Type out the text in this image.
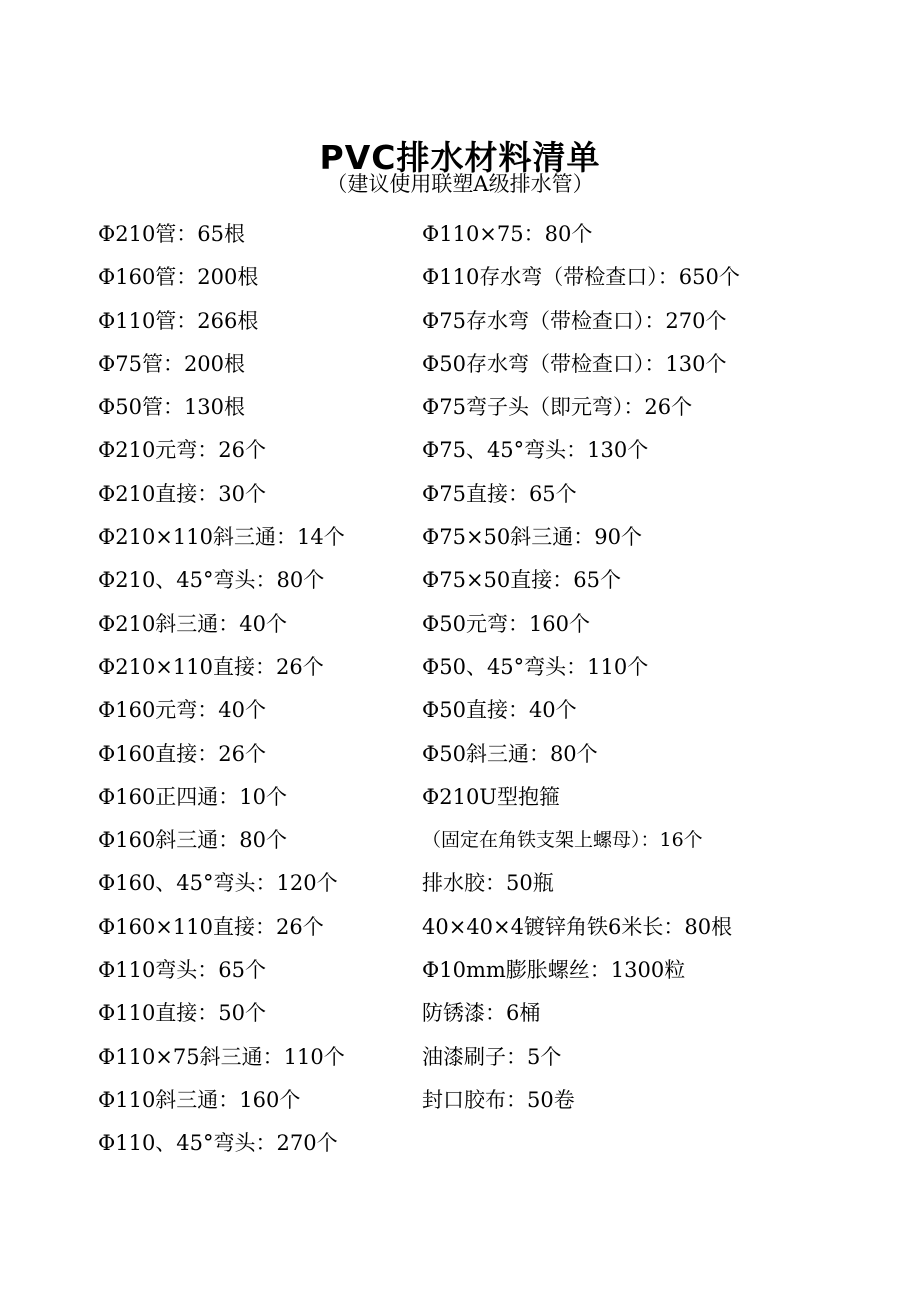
PVC排水材料清单
（建议使用联塑A级排水管）
Φ210管：65根
Φ160管：200根
Φ110管：266根
Φ75管：200根
Φ50管：130根
Φ210元弯：26个
Φ210直接：30个
Φ210×110斜三通：14个
Φ210、45°弯头：80个
Φ210斜三通：40个
Φ210×110直接：26个
Φ160元弯：40个
Φ160直接：26个
Φ160正四通：10个
Φ160斜三通：80个
Φ160、45°弯头：120个
Φ160×110直接：26个
Φ110弯头：65个
Φ110直接：50个
Φ110×75斜三通：110个
Φ110斜三通：160个
Φ110、45°弯头：270个
Φ110×75：80个
Φ110存水弯（带检查口）：650个
Φ75存水弯（带检查口）：270个
Φ50存水弯（带检查口）：130个
Φ75弯子头（即元弯）：26个
Φ75、45°弯头：130个
Φ75直接：65个
Φ75×50斜三通：90个
Φ75×50直接：65个
Φ50元弯：160个
Φ50、45°弯头：110个
Φ50直接：40个
Φ50斜三通：80个
Φ210U型抱箍
（固定在角铁支架上螺母）：16个
排水胶：50瓶
40×40×4镀锌角铁6米长：80根
Φ10mm膨胀螺丝：1300粒
防锈漆：6桶
油漆刷子：5个
封口胶布：50卷
